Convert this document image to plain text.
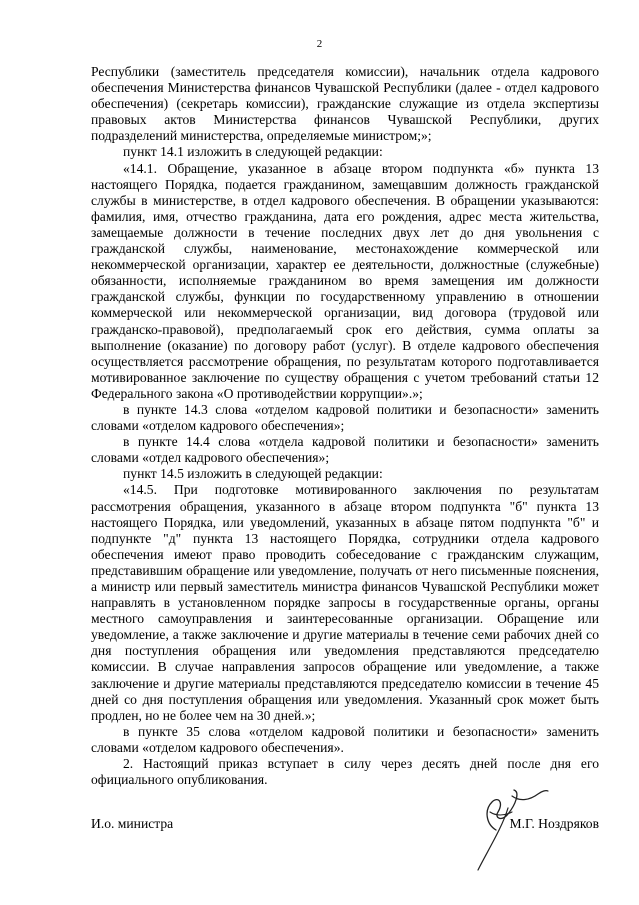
2

Республики (заместитель председателя комиссии), начальник отдела кадрового обеспечения Министерства финансов Чувашской Республики (далее - отдел кадрового обеспечения) (секретарь комиссии), гражданские служащие из отдела экспертизы правовых актов Министерства финансов Чувашской Республики, других подразделений министерства, определяемые министром;»;

пункт 14.1 изложить в следующей редакции:

«14.1. Обращение, указанное в абзаце втором подпункта «б» пункта 13 настоящего Порядка, подается гражданином, замещавшим должность гражданской службы в министерстве, в отдел кадрового обеспечения. В обращении указываются: фамилия, имя, отчество гражданина, дата его рождения, адрес места жительства, замещаемые должности в течение последних двух лет до дня увольнения с гражданской службы, наименование, местонахождение коммерческой или некоммерческой организации, характер ее деятельности, должностные (служебные) обязанности, исполняемые гражданином во время замещения им должности гражданской службы, функции по государственному управлению в отношении коммерческой или некоммерческой организации, вид договора (трудовой или гражданско-правовой), предполагаемый срок его действия, сумма оплаты за выполнение (оказание) по договору работ (услуг). В отделе кадрового обеспечения осуществляется рассмотрение обращения, по результатам которого подготавливается мотивированное заключение по существу обращения с учетом требований статьи 12 Федерального закона «О противодействии коррупции».»;

в пункте 14.3 слова «отделом кадровой политики и безопасности» заменить словами «отделом кадрового обеспечения»;

в пункте 14.4 слова «отдела кадровой политики и безопасности» заменить словами «отдел кадрового обеспечения»;

пункт 14.5 изложить в следующей редакции:

«14.5. При подготовке мотивированного заключения по результатам рассмотрения обращения, указанного в абзаце втором подпункта "б" пункта 13 настоящего Порядка, или уведомлений, указанных в абзаце пятом подпункта "б" и подпункте "д" пункта 13 настоящего Порядка, сотрудники отдела кадрового обеспечения имеют право проводить собеседование с гражданским служащим, представившим обращение или уведомление, получать от него письменные пояснения, а министр или первый заместитель министра финансов Чувашской Республики может направлять в установленном порядке запросы в государственные органы, органы местного самоуправления и заинтересованные организации. Обращение или уведомление, а также заключение и другие материалы в течение семи рабочих дней со дня поступления обращения или уведомления представляются председателю комиссии. В случае направления запросов обращение или уведомление, а также заключение и другие материалы представляются председателю комиссии в течение 45 дней со дня поступления обращения или уведомления. Указанный срок может быть продлен, но не более чем на 30 дней.»;

в пункте 35 слова «отделом кадровой политики и безопасности» заменить словами «отделом кадрового обеспечения».

2. Настоящий приказ вступает в силу через десять дней после дня его официального опубликования.

И.о. министра	М.Г. Ноздряков
